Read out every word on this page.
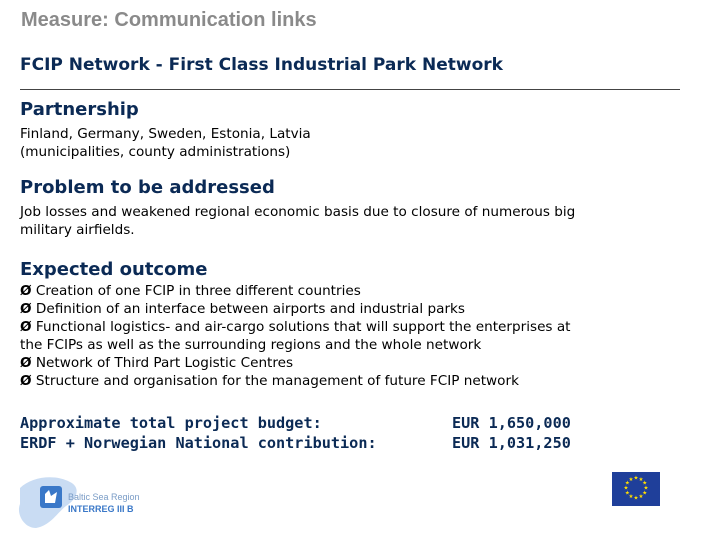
Measure: Communication links
FCIP Network - First Class Industrial Park Network
Partnership
Finland, Germany, Sweden, Estonia, Latvia
(municipalities, county administrations)
Problem to be addressed
Job losses and weakened regional economic basis due to closure of numerous big
military airfields.
Expected outcome
Ø Creation of one FCIP in three different countries
Ø Definition of an interface between airports and industrial parks
Ø Functional logistics- and air-cargo solutions that will support the enterprises at
the FCIPs as well as the surrounding regions and the whole network
Ø Network of Third Part Logistic Centres
Ø Structure and organisation for the management of future FCIP network
Approximate total project budget:	EUR 1,650,000
ERDF + Norwegian National contribution:	EUR 1,031,250
Baltic Sea Region
INTERREG III B
★ ★
★
★
★
★
★
★
★
★
★
★
